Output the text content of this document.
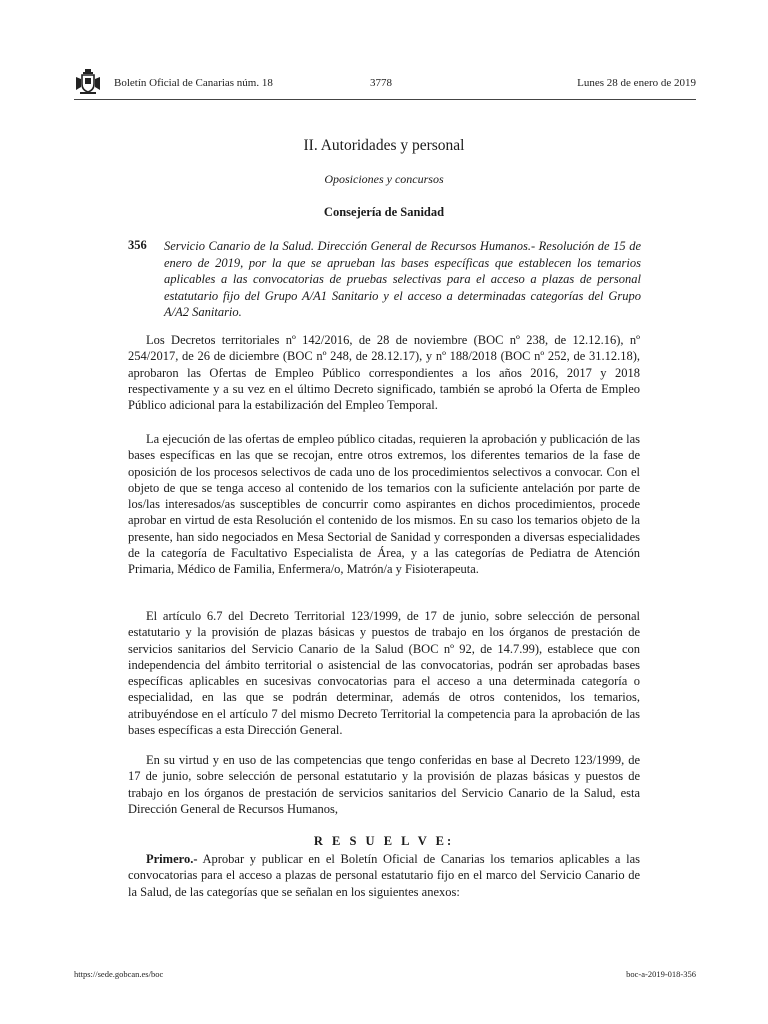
Boletín Oficial de Canarias núm. 18	3778	Lunes 28 de enero de 2019
II. Autoridades y personal
Oposiciones y concursos
Consejería de Sanidad
356 Servicio Canario de la Salud. Dirección General de Recursos Humanos.- Resolución de 15 de enero de 2019, por la que se aprueban las bases específicas que establecen los temarios aplicables a las convocatorias de pruebas selectivas para el acceso a plazas de personal estatutario fijo del Grupo A/A1 Sanitario y el acceso a determinadas categorías del Grupo A/A2 Sanitario.

Los Decretos territoriales nº 142/2016, de 28 de noviembre (BOC nº 238, de 12.12.16), nº 254/2017, de 26 de diciembre (BOC nº 248, de 28.12.17), y nº 188/2018 (BOC nº 252, de 31.12.18), aprobaron las Ofertas de Empleo Público correspondientes a los años 2016, 2017 y 2018 respectivamente y a su vez en el último Decreto significado, también se aprobó la Oferta de Empleo Público adicional para la estabilización del Empleo Temporal.

La ejecución de las ofertas de empleo público citadas, requieren la aprobación y publicación de las bases específicas en las que se recojan, entre otros extremos, los diferentes temarios de la fase de oposición de los procesos selectivos de cada uno de los procedimientos selectivos a convocar. Con el objeto de que se tenga acceso al contenido de los temarios con la suficiente antelación por parte de los/las interesados/as susceptibles de concurrir como aspirantes en dichos procedimientos, procede aprobar en virtud de esta Resolución el contenido de los mismos. En su caso los temarios objeto de la presente, han sido negociados en Mesa Sectorial de Sanidad y corresponden a diversas especialidades de la categoría de Facultativo Especialista de Área, y a las categorías de Pediatra de Atención Primaria, Médico de Familia, Enfermera/o, Matrón/a y Fisioterapeuta.

El artículo 6.7 del Decreto Territorial 123/1999, de 17 de junio, sobre selección de personal estatutario y la provisión de plazas básicas y puestos de trabajo en los órganos de prestación de servicios sanitarios del Servicio Canario de la Salud (BOC nº 92, de 14.7.99), establece que con independencia del ámbito territorial o asistencial de las convocatorias, podrán ser aprobadas bases específicas aplicables en sucesivas convocatorias para el acceso a una determinada categoría o especialidad, en las que se podrán determinar, además de otros contenidos, los temarios, atribuyéndose en el artículo 7 del mismo Decreto Territorial la competencia para la aprobación de las bases específicas a esta Dirección General.

En su virtud y en uso de las competencias que tengo conferidas en base al Decreto 123/1999, de 17 de junio, sobre selección de personal estatutario y la provisión de plazas básicas y puestos de trabajo en los órganos de prestación de servicios sanitarios del Servicio Canario de la Salud, esta Dirección General de Recursos Humanos,

R E S U E L V E:

Primero.- Aprobar y publicar en el Boletín Oficial de Canarias los temarios aplicables a las convocatorias para el acceso a plazas de personal estatutario fijo en el marco del Servicio Canario de la Salud, de las categorías que se señalan en los siguientes anexos:

https://sede.gobcan.es/boc	boc-a-2019-018-356
